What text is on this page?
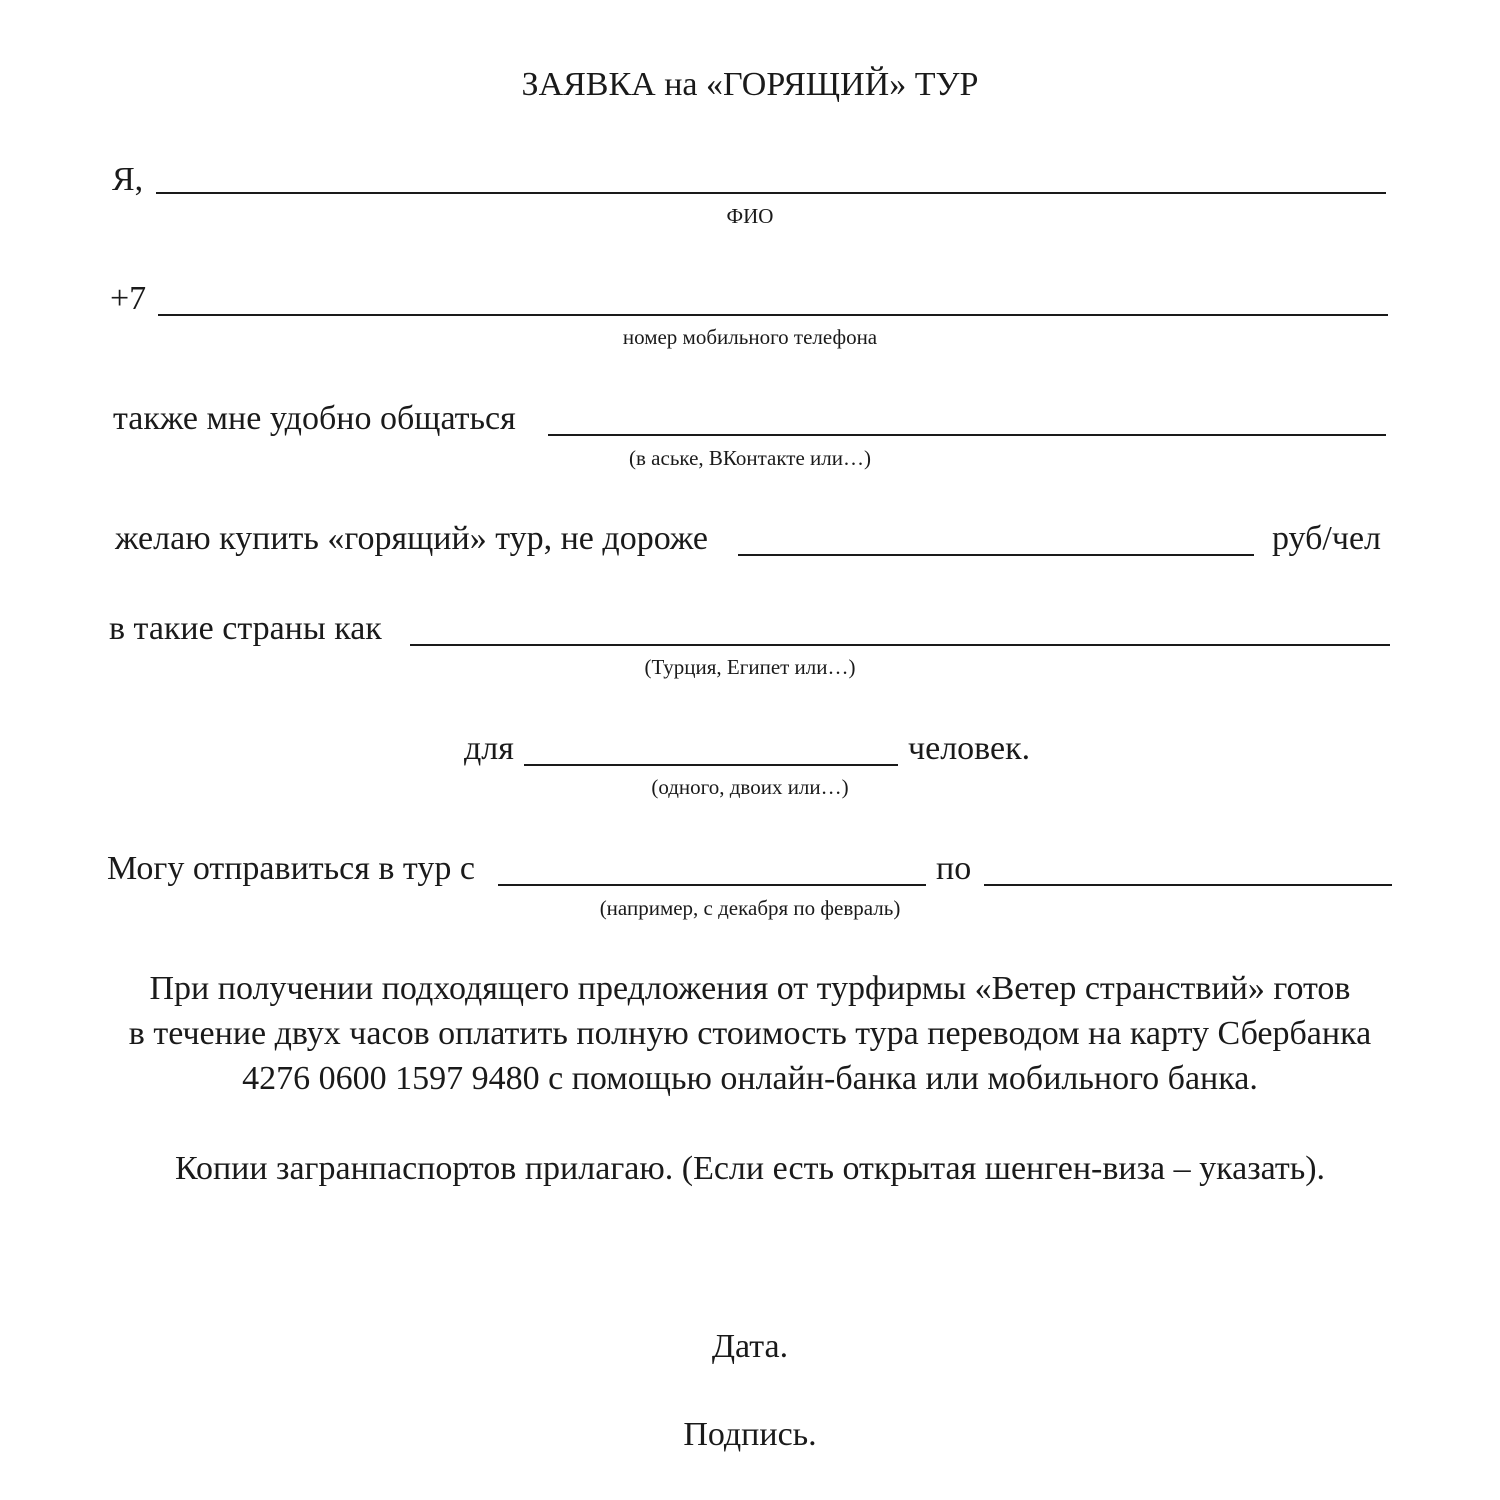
ЗАЯВКА на «ГОРЯЩИЙ» ТУР
Я,
ФИО
+7
номер мобильного телефона
также мне удобно общаться
(в аське, ВКонтакте или…)
желаю купить «горящий» тур, не дороже	руб/чел
в такие страны как
(Турция, Египет или…)
для	человек.
(одного, двоих или…)
Могу отправиться в тур с	по
(например, с декабря по февраль)
При получении подходящего предложения от турфирмы «Ветер странствий» готов
в течение двух часов оплатить полную стоимость тура переводом на карту Сбербанка
4276 0600 1597 9480 с помощью онлайн-банка или мобильного банка.
Копии загранпаспортов прилагаю. (Если есть открытая шенген-виза – указать).
Дата.
Подпись.
